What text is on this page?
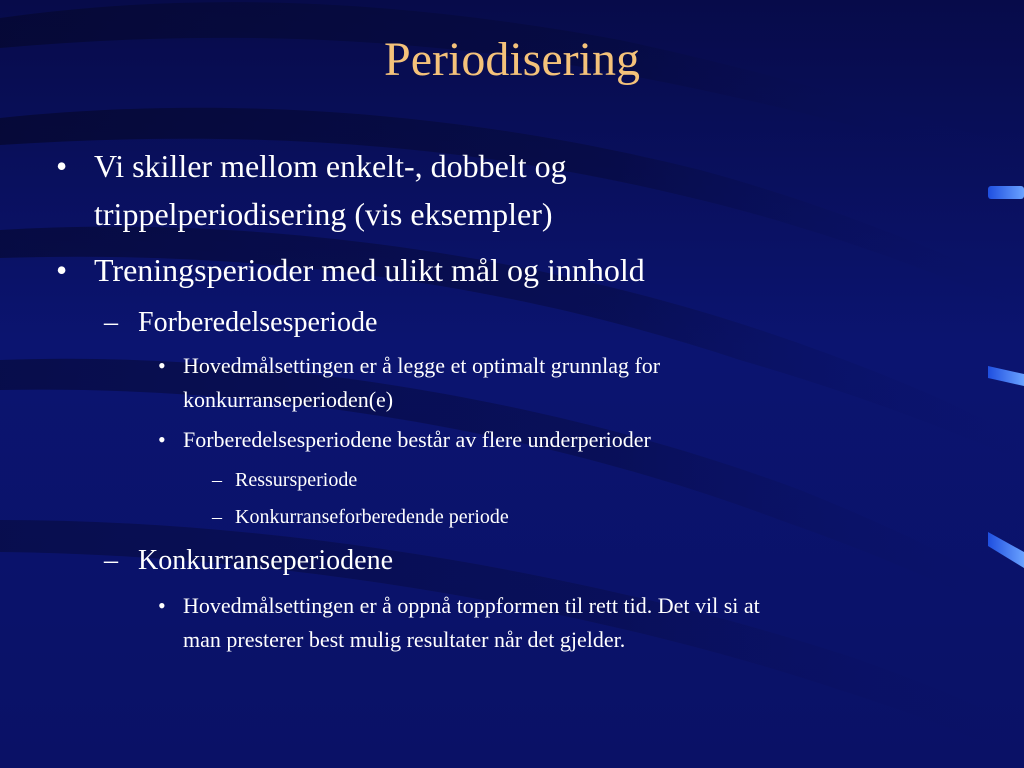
Periodisering
• Vi skiller mellom enkelt-, dobbelt og
trippelperiodisering (vis eksempler)
• Treningsperioder med ulikt mål og innhold
– Forberedelsesperiode
• Hovedmålsettingen er å legge et optimalt grunnlag for
konkurranseperioden(e)
• Forberedelsesperiodene består av flere underperioder
– Ressursperiode
– Konkurranseforberedende periode
– Konkurranseperiodene
• Hovedmålsettingen er å oppnå toppformen til rett tid. Det vil si at
man presterer best mulig resultater når det gjelder.
